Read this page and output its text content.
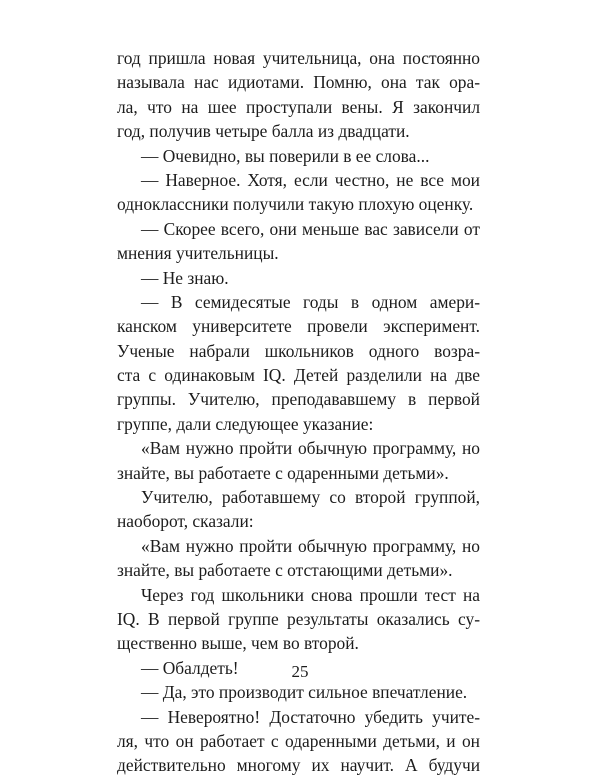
год пришла новая учительница, она постоянно
называла нас идиотами. Помню, она так ора-
ла, что на шее проступали вены. Я закончил
год, получив четыре балла из двадцати.
— Очевидно, вы поверили в ее слова...
— Наверное. Хотя, если честно, не все мои
одноклассники получили такую плохую оценку.
— Скорее всего, они меньше вас зависели от
мнения учительницы.
— Не знаю.
— В семидесятые годы в одном амери-
канском университете провели эксперимент.
Ученые набрали школьников одного возра-
ста с одинаковым IQ. Детей разделили на две
группы. Учителю, преподававшему в первой
группе, дали следующее указание:
«Вам нужно пройти обычную программу, но
знайте, вы работаете с одаренными детьми».
Учителю, работавшему со второй группой,
наоборот, сказали:
«Вам нужно пройти обычную программу, но
знайте, вы работаете с отстающими детьми».
Через год школьники снова прошли тест на
IQ. В первой группе результаты оказались су-
щественно выше, чем во второй.
— Обалдеть!
— Да, это производит сильное впечатление.
— Невероятно! Достаточно убедить учите-
ля, что он работает с одаренными детьми, и он
действительно многому их научит. А будучи
25
